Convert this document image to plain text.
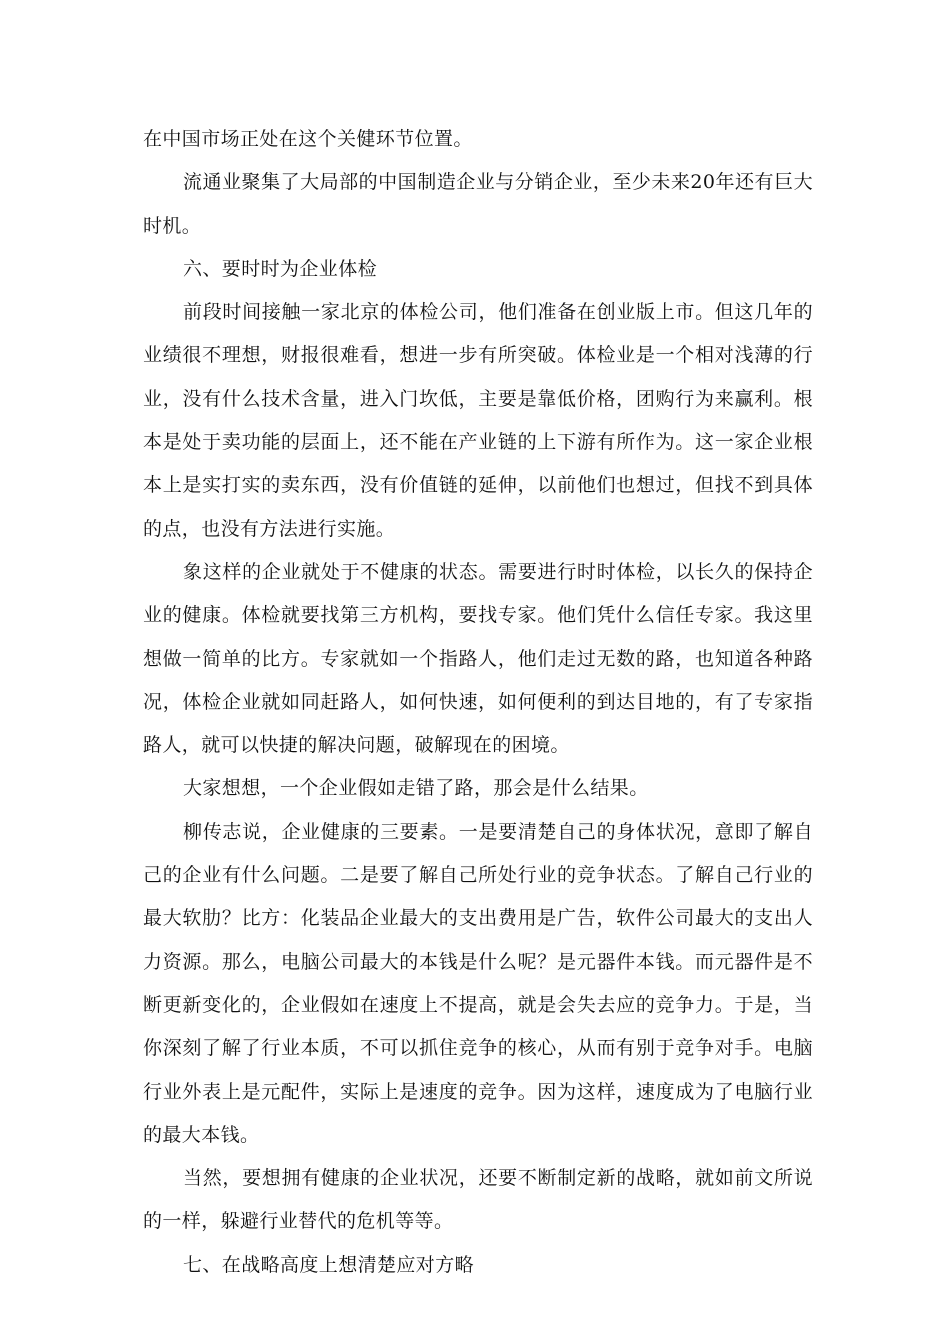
在中国市场正处在这个关健环节位置。

流通业聚集了大局部的中国制造企业与分销企业，至少未来20年还有巨大时机。

六、要时时为企业体检

前段时间接触一家北京的体检公司，他们准备在创业版上市。但这几年的业绩很不理想，财报很难看，想进一步有所突破。体检业是一个相对浅薄的行业，没有什么技术含量，进入门坎低，主要是靠低价格，团购行为来赢利。根本是处于卖功能的层面上，还不能在产业链的上下游有所作为。这一家企业根本上是实打实的卖东西，没有价值链的延伸，以前他们也想过，但找不到具体的点，也没有方法进行实施。

象这样的企业就处于不健康的状态。需要进行时时体检，以长久的保持企业的健康。体检就要找第三方机构，要找专家。他们凭什么信任专家。我这里想做一简单的比方。专家就如一个指路人，他们走过无数的路，也知道各种路况，体检企业就如同赶路人，如何快速，如何便利的到达目地的，有了专家指路人，就可以快捷的解决问题，破解现在的困境。

大家想想，一个企业假如走错了路，那会是什么结果。

柳传志说，企业健康的三要素。一是要清楚自己的身体状况，意即了解自己的企业有什么问题。二是要了解自己所处行业的竞争状态。了解自己行业的最大软肋？比方：化装品企业最大的支出费用是广告，软件公司最大的支出人力资源。那么，电脑公司最大的本钱是什么呢？是元器件本钱。而元器件是不断更新变化的，企业假如在速度上不提高，就是会失去应的竞争力。于是，当你深刻了解了行业本质，不可以抓住竞争的核心，从而有别于竞争对手。电脑行业外表上是元配件，实际上是速度的竞争。因为这样，速度成为了电脑行业的最大本钱。

当然，要想拥有健康的企业状况，还要不断制定新的战略，就如前文所说的一样，躲避行业替代的危机等等。

七、在战略高度上想清楚应对方略
